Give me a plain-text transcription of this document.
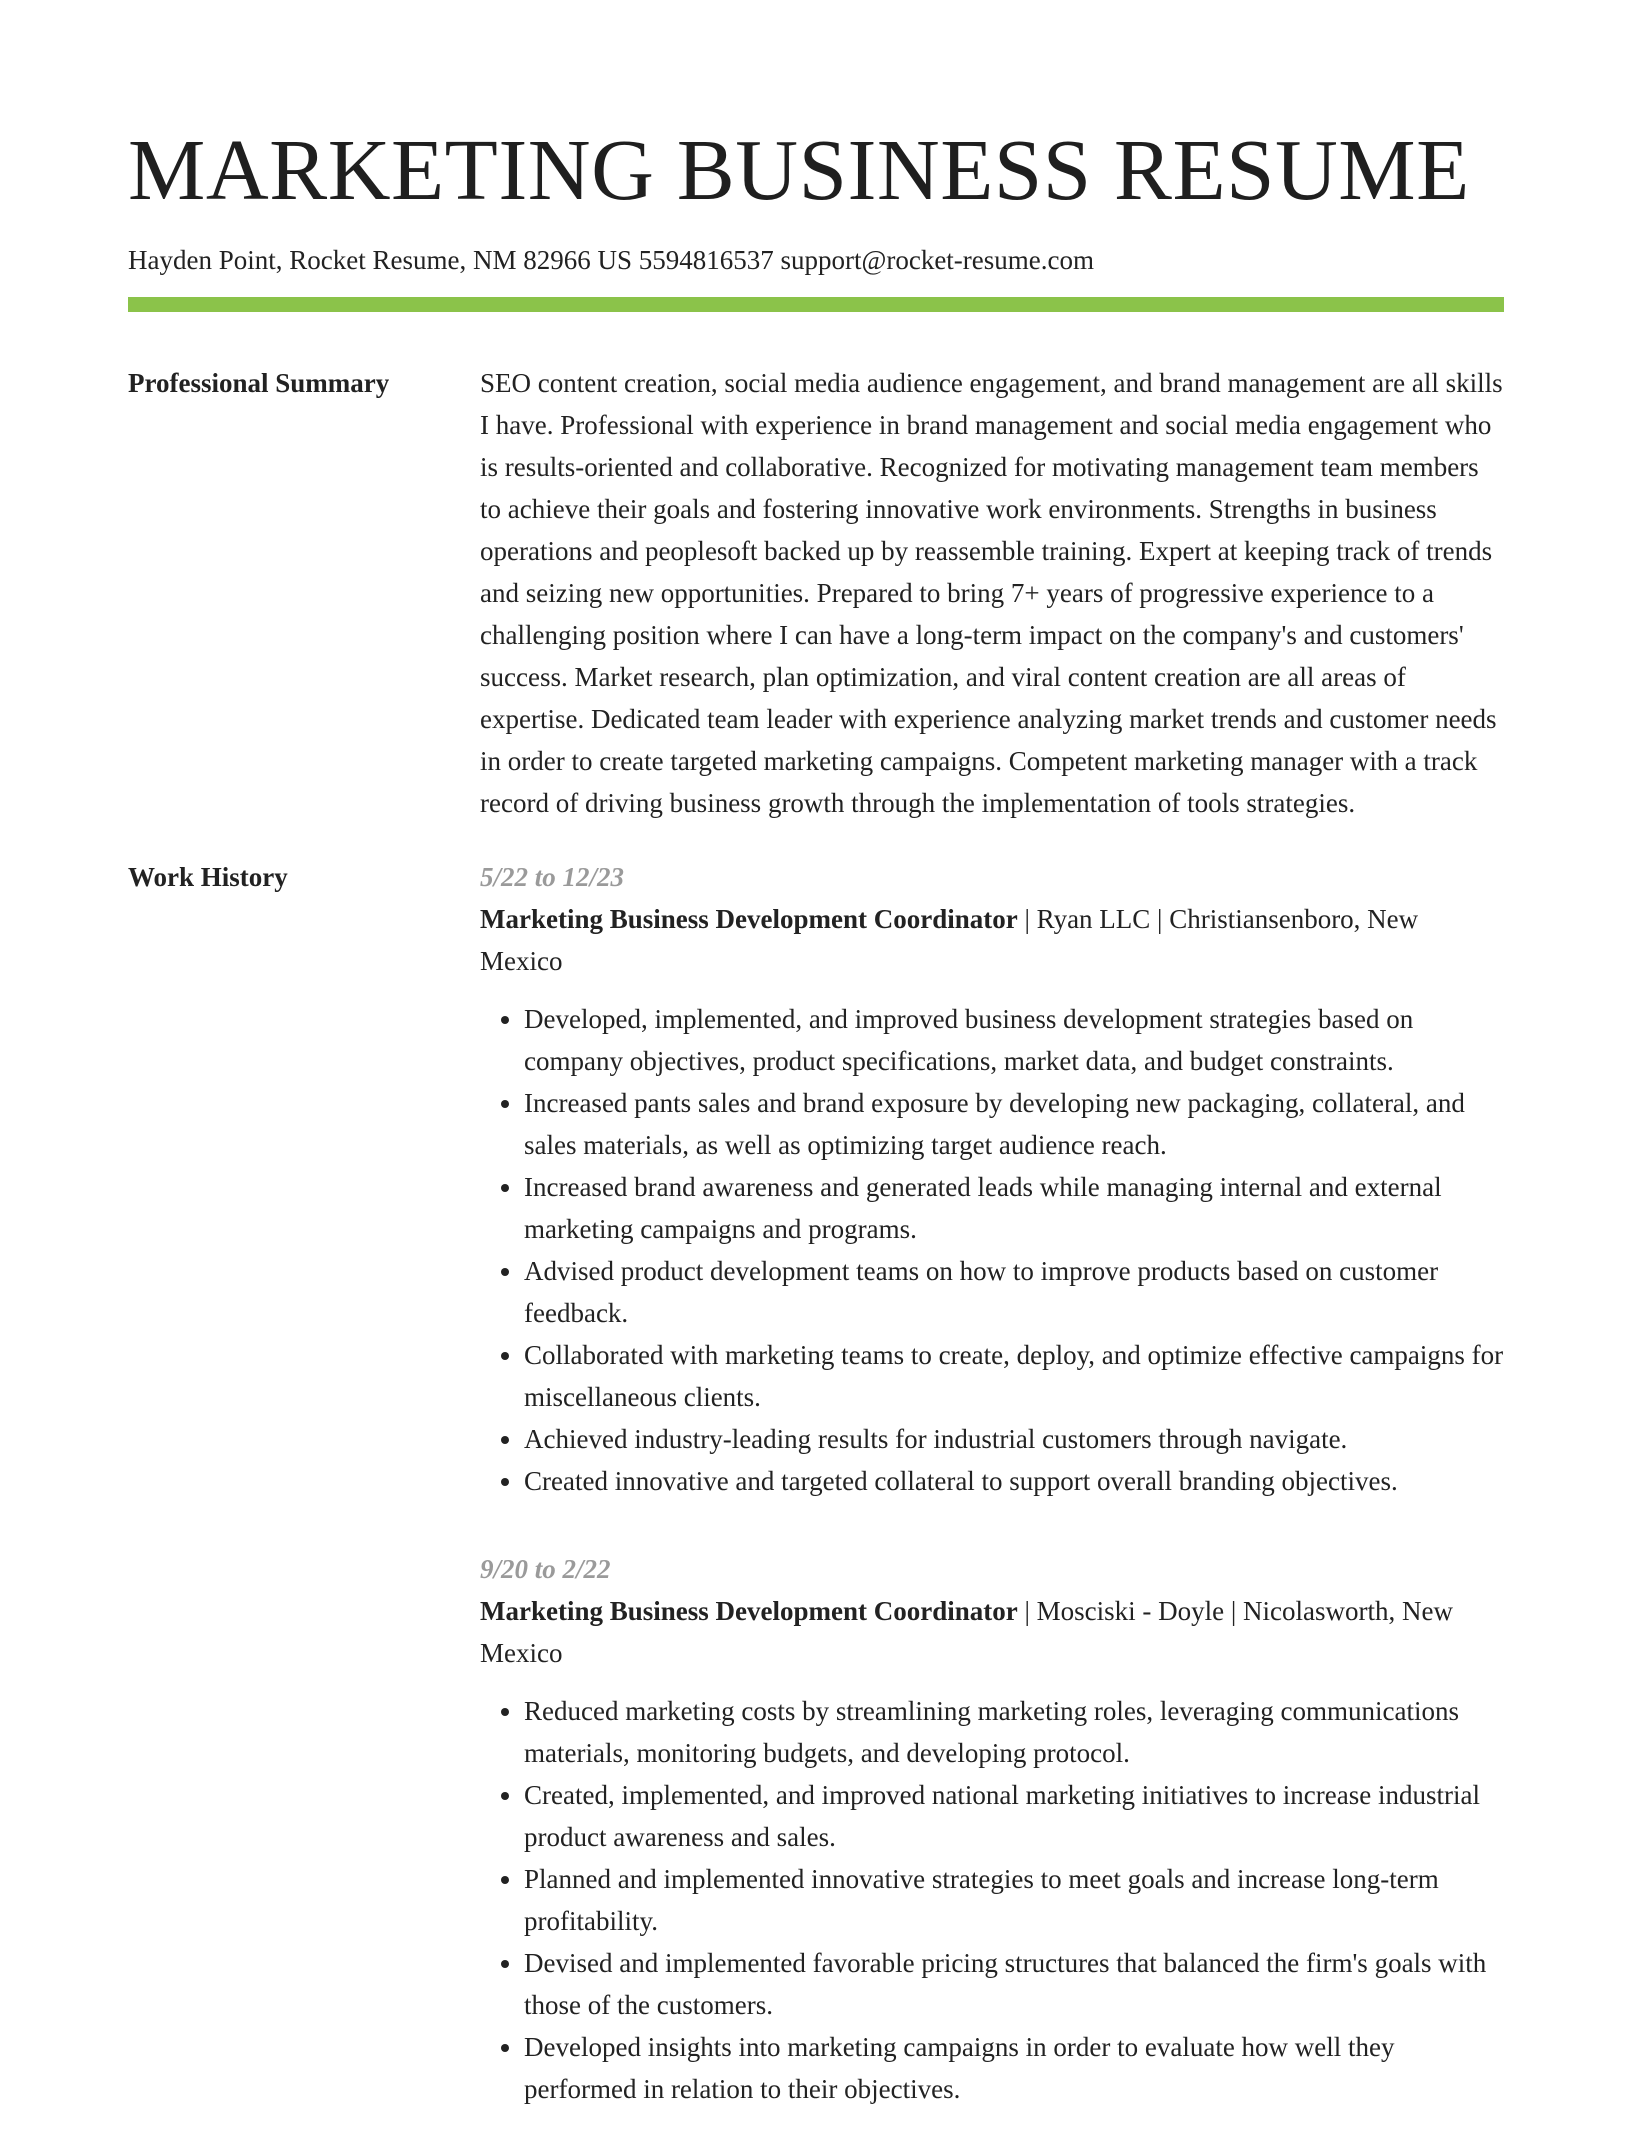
MARKETING BUSINESS RESUME
Hayden Point, Rocket Resume, NM 82966 US 5594816537 support@rocket-resume.com
Professional Summary	SEO content creation, social media audience engagement, and brand management are all skills I have. Professional with experience in brand management and social media engagement who is results-oriented and collaborative. Recognized for motivating management team members to achieve their goals and fostering innovative work environments. Strengths in business operations and peoplesoft backed up by reassemble training. Expert at keeping track of trends and seizing new opportunities. Prepared to bring 7+ years of progressive experience to a challenging position where I can have a long-term impact on the company's and customers' success. Market research, plan optimization, and viral content creation are all areas of expertise. Dedicated team leader with experience analyzing market trends and customer needs in order to create targeted marketing campaigns. Competent marketing manager with a track record of driving business growth through the implementation of tools strategies.

Work History	5/22 to 12/23
Marketing Business Development Coordinator | Ryan LLC | Christiansenboro, New Mexico
• Developed, implemented, and improved business development strategies based on company objectives, product specifications, market data, and budget constraints.
• Increased pants sales and brand exposure by developing new packaging, collateral, and sales materials, as well as optimizing target audience reach.
• Increased brand awareness and generated leads while managing internal and external marketing campaigns and programs.
• Advised product development teams on how to improve products based on customer feedback.
• Collaborated with marketing teams to create, deploy, and optimize effective campaigns for miscellaneous clients.
• Achieved industry-leading results for industrial customers through navigate.
• Created innovative and targeted collateral to support overall branding objectives.
9/20 to 2/22
Marketing Business Development Coordinator | Mosciski - Doyle | Nicolasworth, New Mexico
• Reduced marketing costs by streamlining marketing roles, leveraging communications materials, monitoring budgets, and developing protocol.
• Created, implemented, and improved national marketing initiatives to increase industrial product awareness and sales.
• Planned and implemented innovative strategies to meet goals and increase long-term profitability.
• Devised and implemented favorable pricing structures that balanced the firm's goals with those of the customers.
• Developed insights into marketing campaigns in order to evaluate how well they performed in relation to their objectives.
